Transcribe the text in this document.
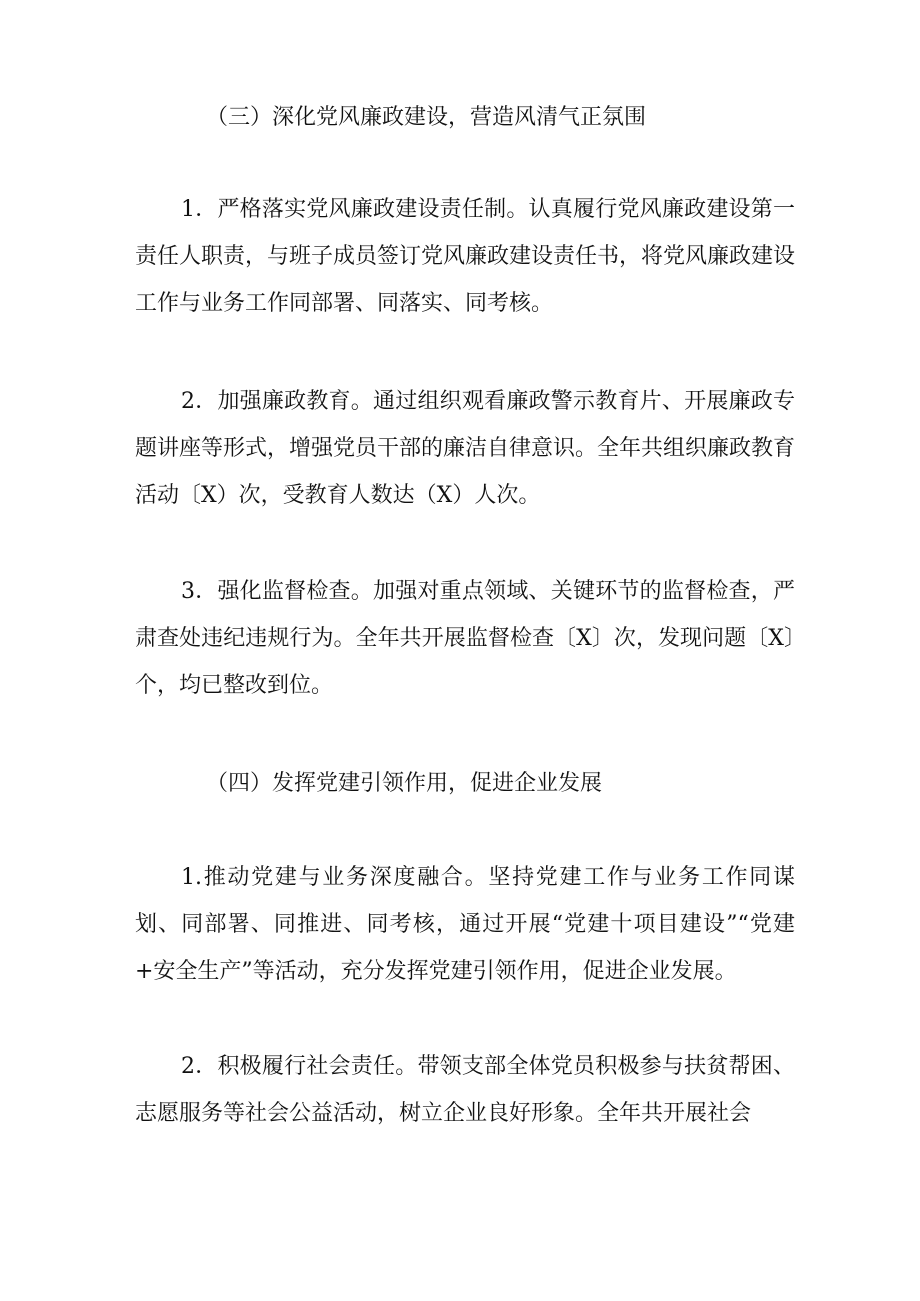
（三）深化党风廉政建设，营造风清气正氛围
1．严格落实党风廉政建设责任制。认真履行党风廉政建设第一责任人职责，与班子成员签订党风廉政建设责任书，将党风廉政建设工作与业务工作同部署、同落实、同考核。
2．加强廉政教育。通过组织观看廉政警示教育片、开展廉政专题讲座等形式，增强党员干部的廉洁自律意识。全年共组织廉政教育活动〔X）次，受教育人数达（X）人次。
3．强化监督检查。加强对重点领域、关键环节的监督检查，严肃查处违纪违规行为。全年共开展监督检查〔X〕次，发现问题〔X〕个，均已整改到位。
（四）发挥党建引领作用，促进企业发展
1.推动党建与业务深度融合。坚持党建工作与业务工作同谋划、同部署、同推进、同考核，通过开展“党建十项目建设”“党建+安全生产”等活动，充分发挥党建引领作用，促进企业发展。
2．积极履行社会责任。带领支部全体党员积极参与扶贫帮困、志愿服务等社会公益活动，树立企业良好形象。全年共开展社会
